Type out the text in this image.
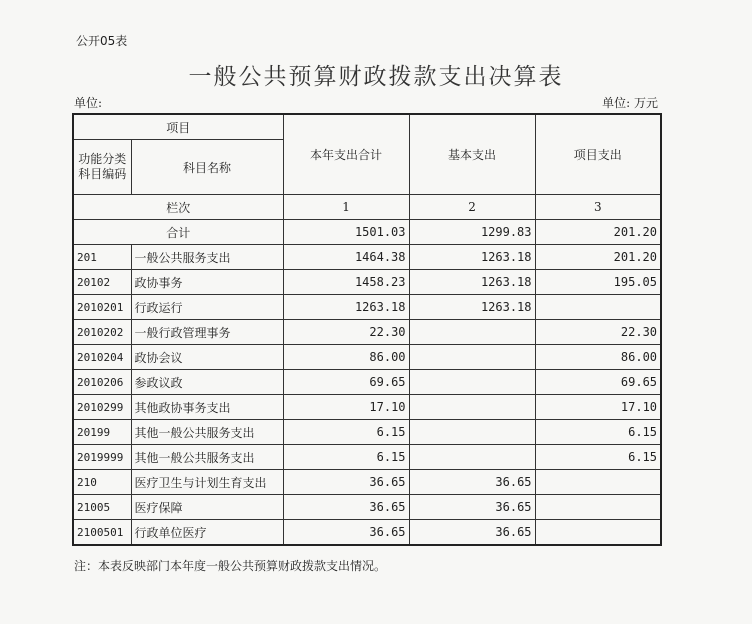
公开05表
一般公共预算财政拨款支出决算表
单位:	单位: 万元
项目		本年支出合计	基本支出	项目支出
功能分类科目编码	科目名称			
栏次		1	2	3
合计		1501.03	1299.83	201.20
201	一般公共服务支出	1464.38	1263.18	201.20
20102	政协事务	1458.23	1263.18	195.05
2010201	行政运行	1263.18	1263.18	
2010202	一般行政管理事务	22.30		22.30
2010204	政协会议	86.00		86.00
2010206	参政议政	69.65		69.65
2010299	其他政协事务支出	17.10		17.10
20199	其他一般公共服务支出	6.15		6.15
2019999	其他一般公共服务支出	6.15		6.15
210	医疗卫生与计划生育支出	36.65	36.65	
21005	医疗保障	36.65	36.65	
2100501	行政单位医疗	36.65	36.65	
注：本表反映部门本年度一般公共预算财政拨款支出情况。
